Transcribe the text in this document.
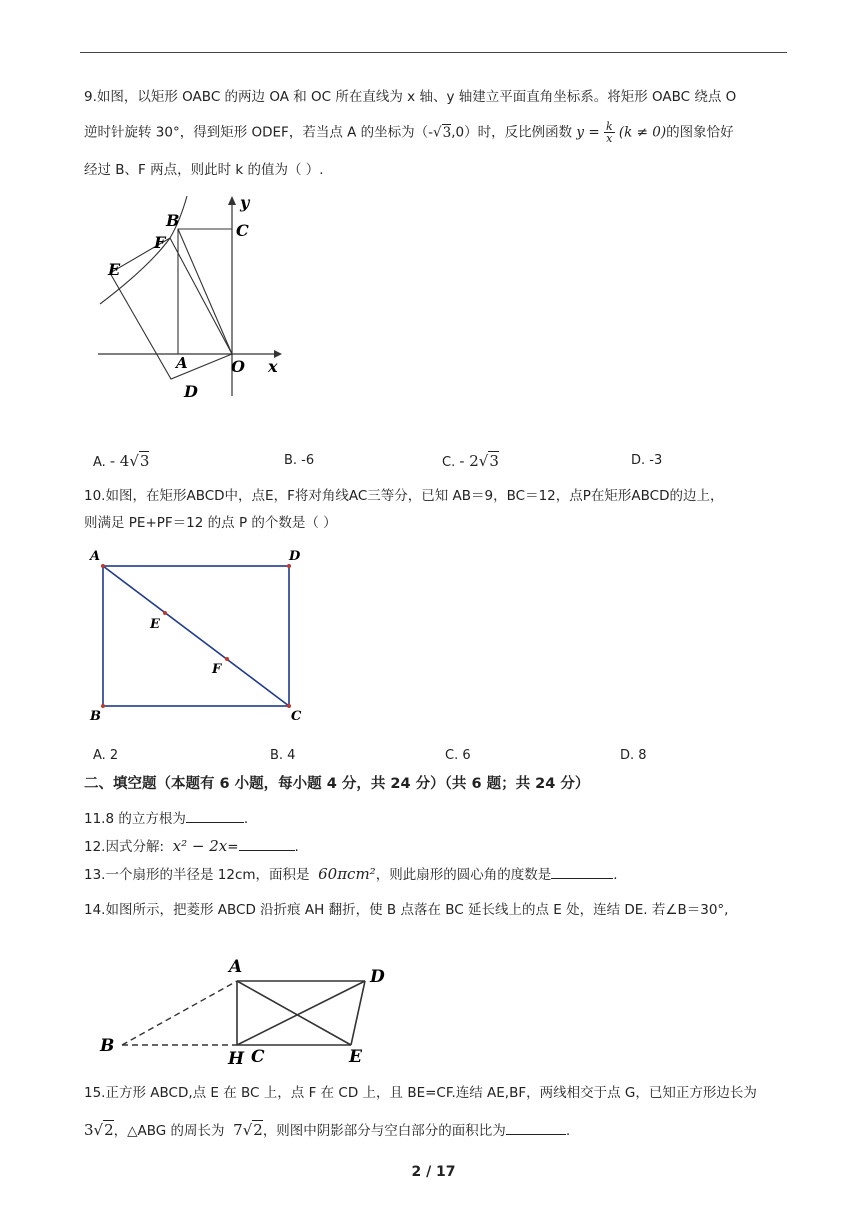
9.如图，以矩形 OABC 的两边 OA 和 OC 所在直线为 x 轴、y 轴建立平面直角坐标系。将矩形 OABC 绕点 O
逆时针旋转 30°，得到矩形 ODEF，若当点 A 的坐标为（-√3,0）时，反比例函数 $y = \frac{k}{x} (k \ne 0)$的图象恰好
经过 B、F 两点，则此时 k 的值为（ ）.
B
F
E
C
y
A	O x
D
A. - 4√3	B. -6	C. - 2√3	D. -3
10.如图，在矩形ABCD中，点E，F将对角线AC三等分，已知 AB＝9，BC＝12，点P在矩形ABCD的边上，
则满足 PE+PF＝12 的点 P 的个数是（ ）
A	D
E
F
B	C
A. 2	B. 4	C. 6	D. 8
二、填空题（本题有 6 小题，每小题 4 分，共 24 分）（共 6 题；共 24 分）
11.8 的立方根为	.
12.因式分解: x² − 2x=	.
13.一个扇形的半径是 12cm，面积是 60πcm²，则此扇形的圆心角的度数是	.
14.如图所示，把菱形 ABCD 沿折痕 AH 翻折，使 B 点落在 BC 延长线上的点 E 处，连结 DE. 若∠B＝30°,
A	D
B
H C	E
15.正方形 ABCD,点 E 在 BC 上，点 F 在 CD 上，且 BE=CF.连结 AE,BF，两线相交于点 G，已知正方形边长为
3√2，△ABG 的周长为 7√2，则图中阴影部分与空白部分的面积比为	.
2 / 17
